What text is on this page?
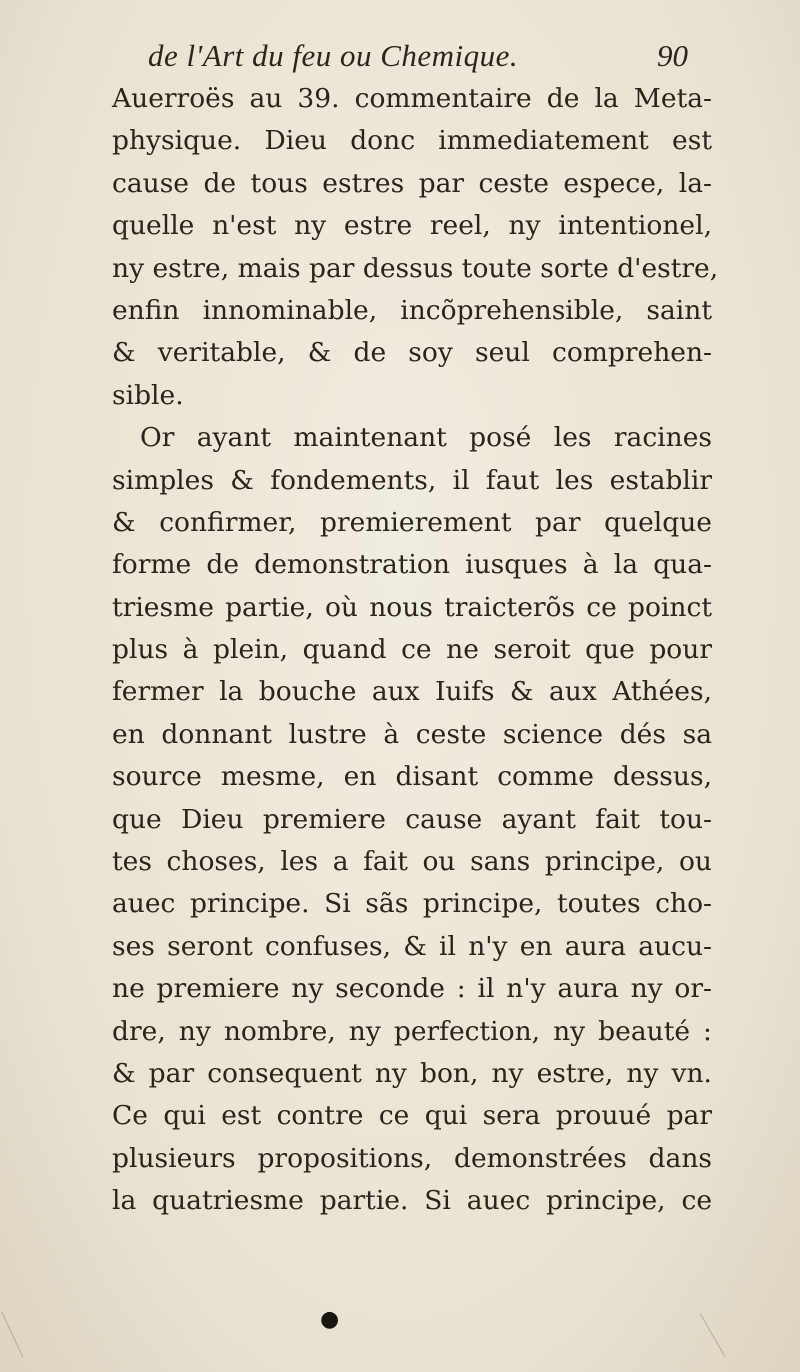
de l'Art du feu ou Chemique.	90
Auerroës au 39. commentaire de la Meta-
physique. Dieu donc immediatement est
cause de tous estres par ceste espece, la-
quelle n'est ny estre reel, ny intentionel,
ny estre, mais par dessus toute sorte d'estre,
enfin innominable, incõprehensible, saint
& veritable, & de soy seul comprehen-
sible.
Or ayant maintenant posé les racines
simples & fondements, il faut les establir
& confirmer, premierement par quelque
forme de demonstration iusques à la qua-
triesme partie, où nous traicterõs ce poinct
plus à plein, quand ce ne seroit que pour
fermer la bouche aux Iuifs & aux Athées,
en donnant lustre à ceste science dés sa
source mesme, en disant comme dessus,
que Dieu premiere cause ayant fait tou-
tes choses, les a fait ou sans principe, ou
auec principe. Si sãs principe, toutes cho-
ses seront confuses, & il n'y en aura aucu-
ne premiere ny seconde : il n'y aura ny or-
dre, ny nombre, ny perfection, ny beauté :
& par consequent ny bon, ny estre, ny vn.
Ce qui est contre ce qui sera prouué par
plusieurs propositions, demonstrées dans
la quatriesme partie. Si auec principe, ce
●
